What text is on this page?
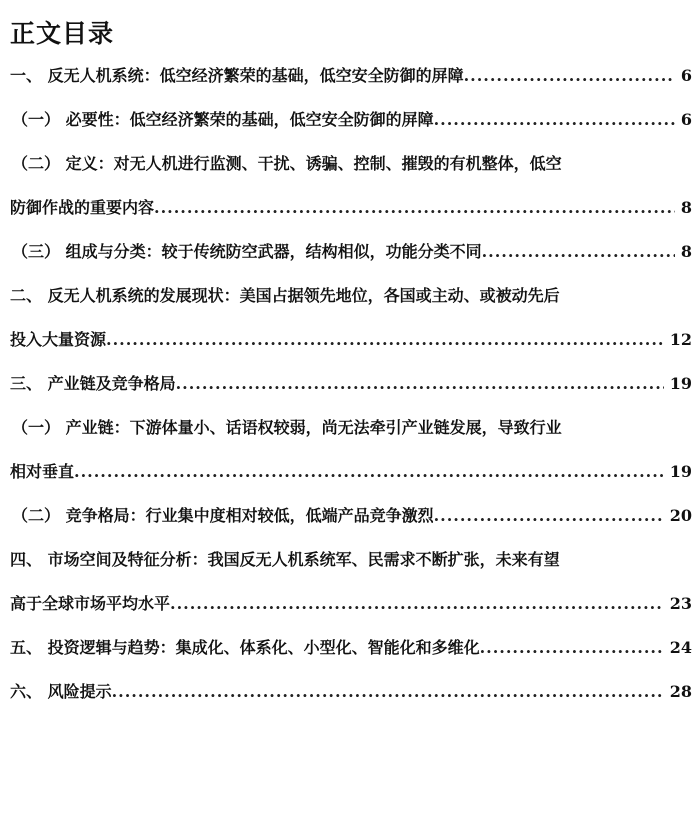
正文目录
一、 反无人机系统：低空经济繁荣的基础，低空安全防御的屏障 .....	6
（一） 必要性：低空经济繁荣的基础，低空安全防御的屏障 .....	6
（二） 定义：对无人机进行监测、干扰、诱骗、控制、摧毁的有机整体，低空
防御作战的重要内容 .....	8
（三） 组成与分类：较于传统防空武器，结构相似，功能分类不同 .....	8
二、 反无人机系统的发展现状：美国占据领先地位，各国或主动、或被动先后
投入大量资源 .....	12
三、 产业链及竞争格局 .....	19
（一） 产业链：下游体量小、话语权较弱，尚无法牵引产业链发展，导致行业
相对垂直 .....	19
（二） 竞争格局：行业集中度相对较低，低端产品竞争激烈 .....	20
四、 市场空间及特征分析：我国反无人机系统军、民需求不断扩张，未来有望
高于全球市场平均水平 .....	23
五、 投资逻辑与趋势：集成化、体系化、小型化、智能化和多维化 .....	24
六、 风险提示 .....	28
